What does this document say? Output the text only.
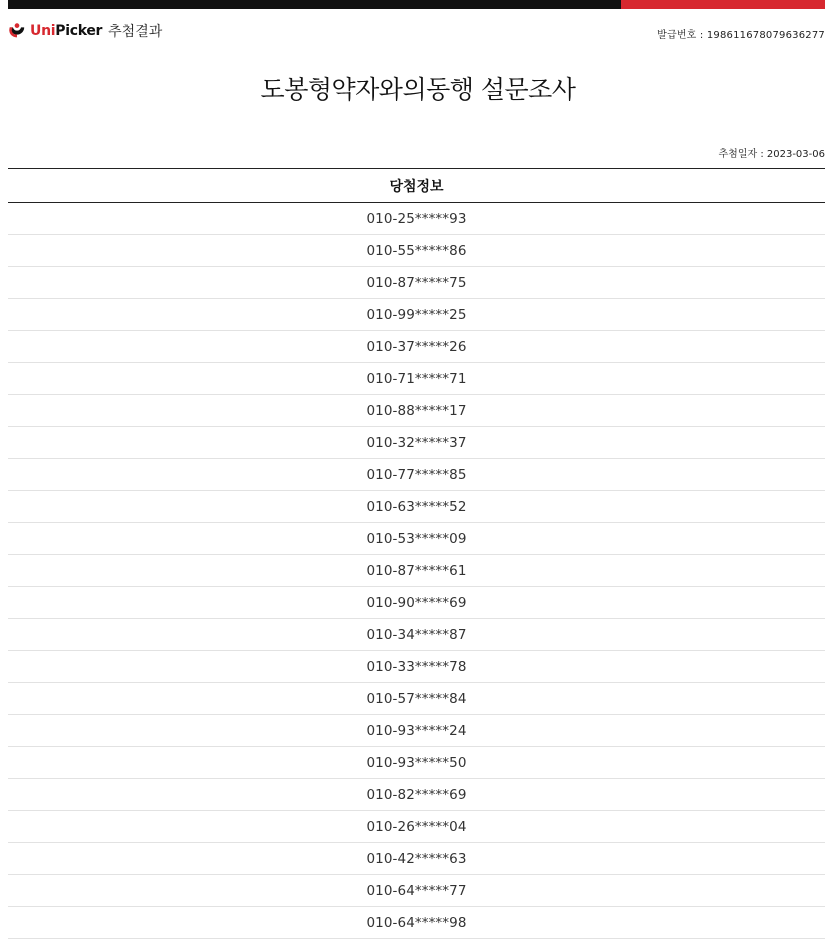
UniPicker 추첨결과	발급번호 : 198611678079636277
도봉형약자와의동행 설문조사
추첨일자 : 2023-03-06
당첨정보
010-25*****93
010-55*****86
010-87*****75
010-99*****25
010-37*****26
010-71*****71
010-88*****17
010-32*****37
010-77*****85
010-63*****52
010-53*****09
010-87*****61
010-90*****69
010-34*****87
010-33*****78
010-57*****84
010-93*****24
010-93*****50
010-82*****69
010-26*****04
010-42*****63
010-64*****77
010-64*****98
